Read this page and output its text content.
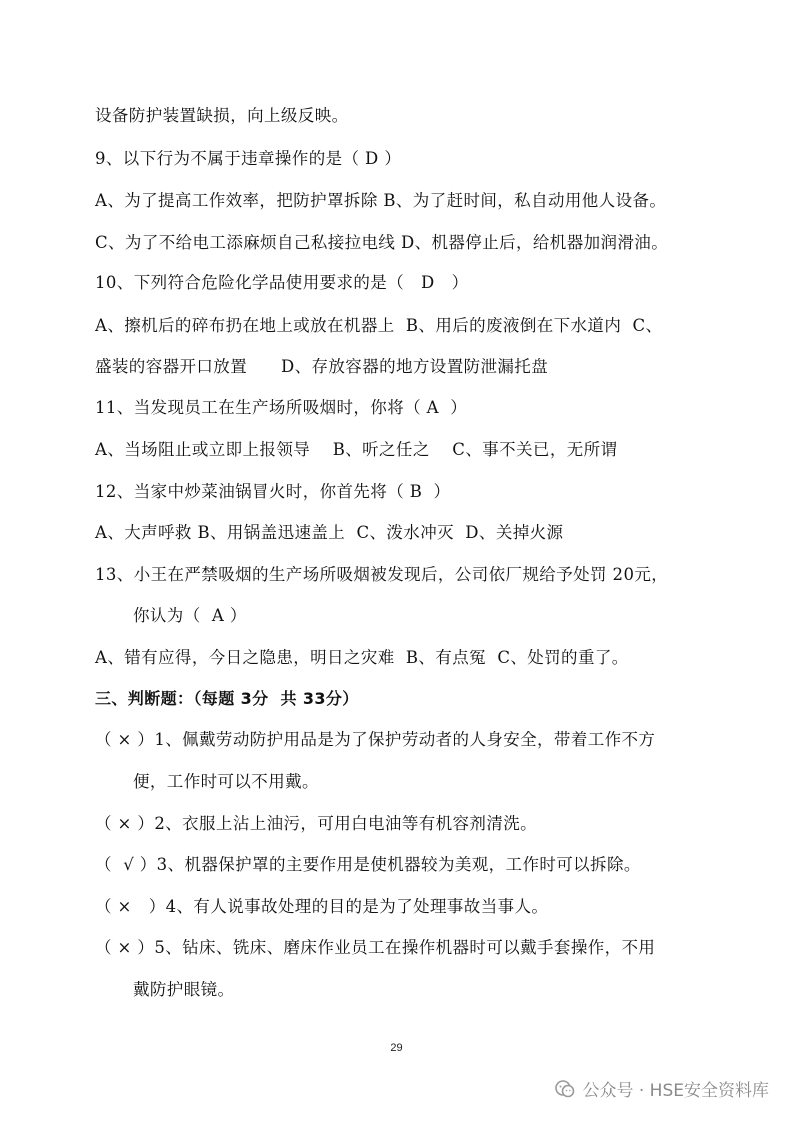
设备防护装置缺损，向上级反映。
9、以下行为不属于违章操作的是（ D ）
A、为了提高工作效率，把防护罩拆除 B、为了赶时间，私自动用他人设备。
C、为了不给电工添麻烦自己私接拉电线 D、机器停止后，给机器加润滑油。
10、下列符合危险化学品使用要求的是（   D   ）
A、擦机后的碎布扔在地上或放在机器上  B、用后的废液倒在下水道内  C、
盛装的容器开口放置      D、存放容器的地方设置防泄漏托盘
11、当发现员工在生产场所吸烟时，你将（ A  ）
A、当场阻止或立即上报领导    B、听之任之    C、事不关已，无所谓
12、当家中炒菜油锅冒火时，你首先将（ B  ）
A、大声呼救 B、用锅盖迅速盖上  C、泼水冲灭  D、关掉火源
13、小王在严禁吸烟的生产场所吸烟被发现后，公司依厂规给予处罚 20元，
你认为（  A ）
A、错有应得，今日之隐患，明日之灾难  B、有点冤  C、处罚的重了。
三、判断题：（每题 3分  共 33分）
（ × ）1、佩戴劳动防护用品是为了保护劳动者的人身安全，带着工作不方
便，工作时可以不用戴。
（ × ）2、衣服上沾上油污，可用白电油等有机容剂清洗。
（  √ ）3、机器保护罩的主要作用是使机器较为美观，工作时可以拆除。
（ ×   ）4、有人说事故处理的目的是为了处理事故当事人。
（ × ）5、钻床、铣床、磨床作业员工在操作机器时可以戴手套操作，不用
戴防护眼镜。
29
公众号 · HSE安全资料库
